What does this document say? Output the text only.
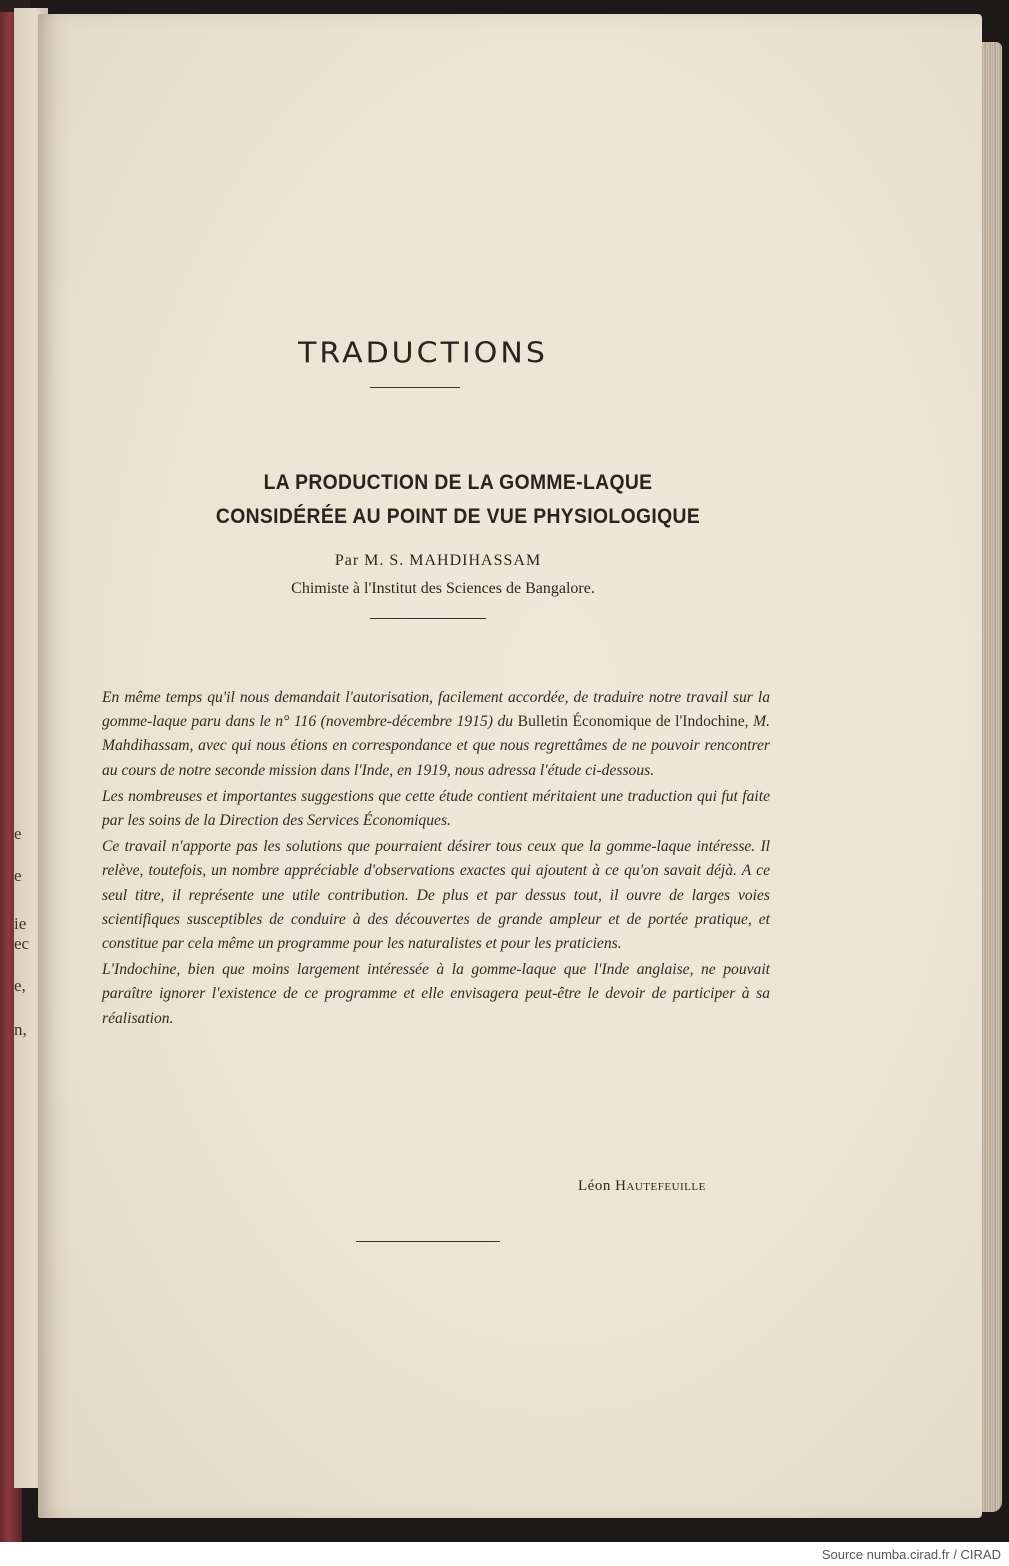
e
e
ie
ec
e,
n,
TRADUCTIONS
LA PRODUCTION DE LA GOMME-LAQUE
CONSIDÉRÉE AU POINT DE VUE PHYSIOLOGIQUE
Par M. S. MAHDIHASSAM
Chimiste à l'Institut des Sciences de Bangalore.

En même temps qu'il nous demandait l'autorisation, facilement accordée, de traduire notre travail sur la gomme-laque paru dans le n° 116 (novembre-décembre 1915) du Bulletin Économique de l'Indochine, M. Mahdihassam, avec qui nous étions en correspondance et que nous regrettâmes de ne pouvoir rencontrer au cours de notre seconde mission dans l'Inde, en 1919, nous adressa l'étude ci-dessous.

Les nombreuses et importantes suggestions que cette étude contient méritaient une traduction qui fut faite par les soins de la Direction des Services Économiques.

Ce travail n'apporte pas les solutions que pourraient désirer tous ceux que la gomme-laque intéresse. Il relève, toutefois, un nombre appréciable d'observations exactes qui ajoutent à ce qu'on savait déjà. A ce seul titre, il représente une utile contribution. De plus et par dessus tout, il ouvre de larges voies scientifiques susceptibles de conduire à des découvertes de grande ampleur et de portée pratique, et constitue par cela même un programme pour les naturalistes et pour les praticiens.

L'Indochine, bien que moins largement intéressée à la gomme-laque que l'Inde anglaise, ne pouvait paraître ignorer l'existence de ce programme et elle envisagera peut-être le devoir de participer à sa réalisation.

Léon Hautefeuille
Source numba.cirad.fr / CIRAD
